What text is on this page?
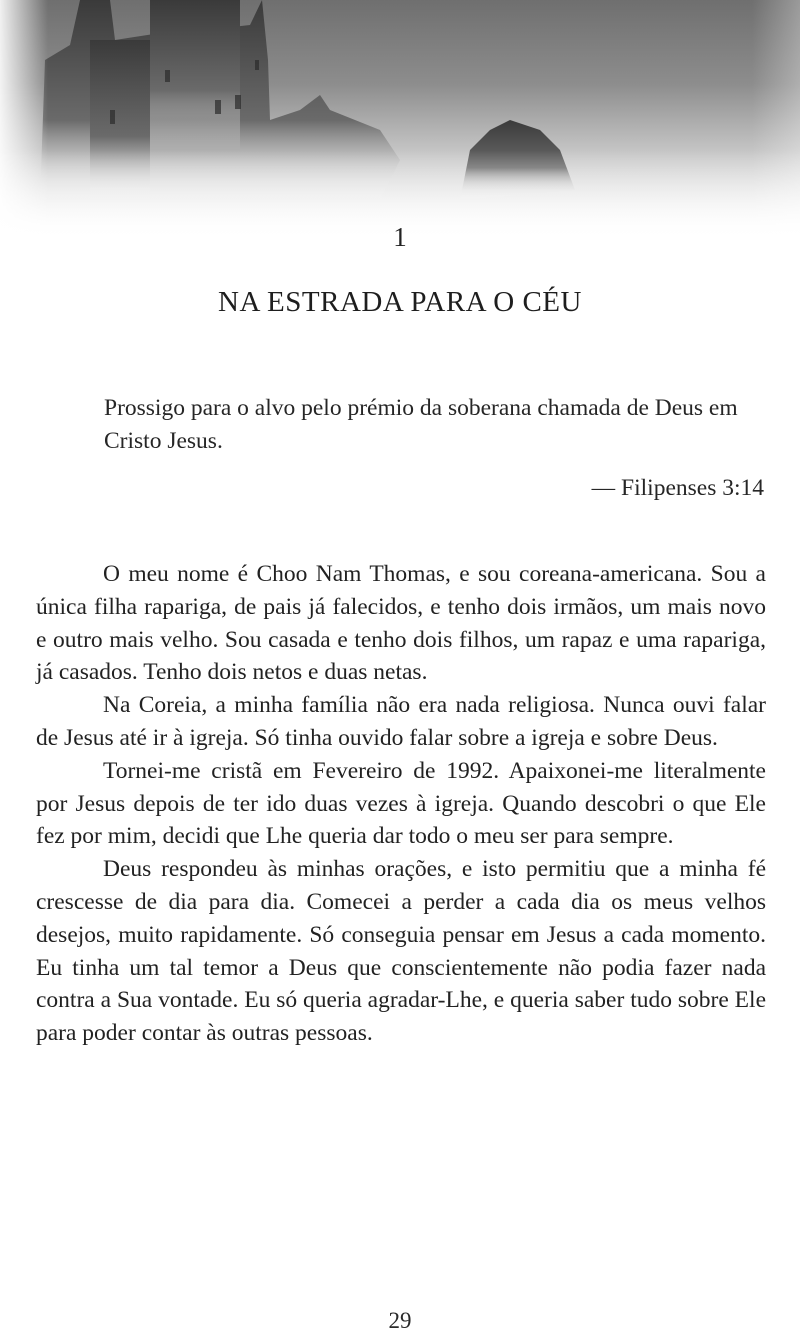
1
NA ESTRADA PARA O CÉU

Prossigo para o alvo pelo prémio da soberana chamada de Deus em Cristo Jesus.

— Filipenses 3:14

O meu nome é Choo Nam Thomas, e sou coreana-americana. Sou a única filha rapariga, de pais já falecidos, e tenho dois irmãos, um mais novo e outro mais velho. Sou casada e tenho dois filhos, um rapaz e uma rapariga, já casados. Tenho dois netos e duas netas.

Na Coreia, a minha família não era nada religiosa. Nunca ouvi falar de Jesus até ir à igreja. Só tinha ouvido falar sobre a igreja e sobre Deus.

Tornei-me cristã em Fevereiro de 1992. Apaixonei-me literalmente por Jesus depois de ter ido duas vezes à igreja. Quando descobri o que Ele fez por mim, decidi que Lhe queria dar todo o meu ser para sempre.

Deus respondeu às minhas orações, e isto permitiu que a minha fé crescesse de dia para dia. Comecei a perder a cada dia os meus velhos desejos, muito rapidamente. Só conseguia pensar em Jesus a cada momento. Eu tinha um tal temor a Deus que conscientemente não podia fazer nada contra a Sua vontade. Eu só queria agradar-Lhe, e queria saber tudo sobre Ele para poder contar às outras pessoas.

29
